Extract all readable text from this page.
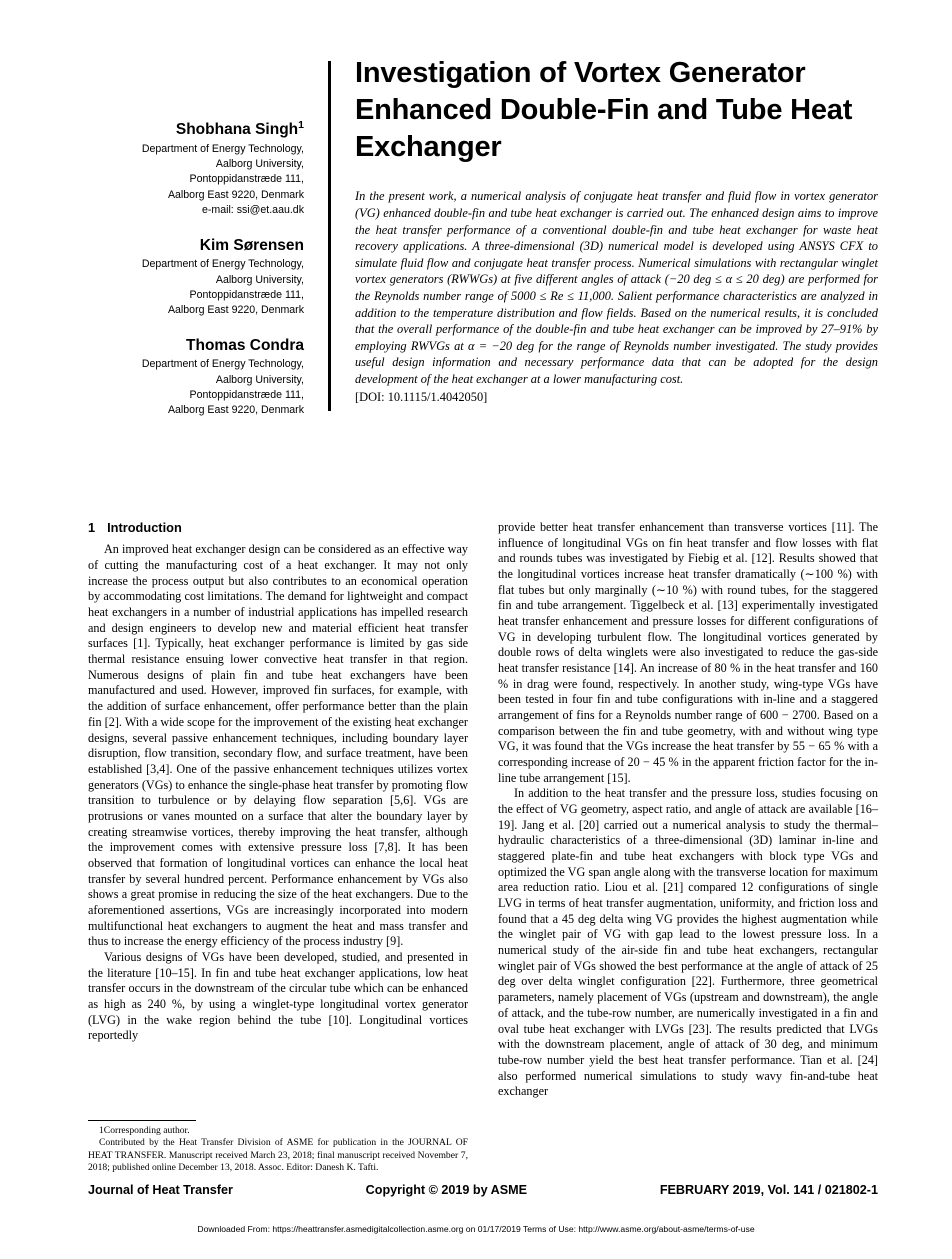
Shobhana Singh$^1$
Department of Energy Technology,
Aalborg University,
Pontoppidanstræde 111,
Aalborg East 9220, Denmark
e-mail: ssi@et.aau.dk
Kim Sørensen
Department of Energy Technology,
Aalborg University,
Pontoppidanstræde 111,
Aalborg East 9220, Denmark
Thomas Condra
Department of Energy Technology,
Aalborg University,
Pontoppidanstræde 111,
Aalborg East 9220, Denmark
Investigation of Vortex Generator Enhanced Double-Fin and Tube Heat Exchanger

In the present work, a numerical analysis of conjugate heat transfer and fluid flow in vortex generator (VG) enhanced double-fin and tube heat exchanger is carried out. The enhanced design aims to improve the heat transfer performance of a conventional double-fin and tube heat exchanger for waste heat recovery applications. A three-dimensional (3D) numerical model is developed using ANSYS CFX to simulate fluid flow and conjugate heat transfer process. Numerical simulations with rectangular winglet vortex generators (RWWGs) at five different angles of attack (−20 deg ≤ α ≤ 20 deg) are performed for the Reynolds number range of 5000 ≤ Re ≤ 11,000. Salient performance characteristics are analyzed in addition to the temperature distribution and flow fields. Based on the numerical results, it is concluded that the overall performance of the double-fin and tube heat exchanger can be improved by 27–91% by employing RWVGs at α = −20 deg for the range of Reynolds number investigated. The study provides useful design information and necessary performance data that can be adopted for the design development of the heat exchanger at a lower manufacturing cost.

[DOI: 10.1115/1.4042050]
1 Introduction

An improved heat exchanger design can be considered as an effective way of cutting the manufacturing cost of a heat exchanger. It may not only increase the process output but also contributes to an economical operation by accommodating cost limitations. The demand for lightweight and compact heat exchangers in a number of industrial applications has impelled research and design engineers to develop new and material efficient heat transfer surfaces [1]. Typically, heat exchanger performance is limited by gas side thermal resistance ensuing lower convective heat transfer in that region. Numerous designs of plain fin and tube heat exchangers have been manufactured and used. However, improved fin surfaces, for example, with the addition of surface enhancement, offer performance better than the plain fin [2]. With a wide scope for the improvement of the existing heat exchanger designs, several passive enhancement techniques, including boundary layer disruption, flow transition, secondary flow, and surface treatment, have been established [3,4]. One of the passive enhancement techniques utilizes vortex generators (VGs) to enhance the single-phase heat transfer by promoting flow transition to turbulence or by delaying flow separation [5,6]. VGs are protrusions or vanes mounted on a surface that alter the boundary layer by creating streamwise vortices, thereby improving the heat transfer, although the improvement comes with extensive pressure loss [7,8]. It has been observed that formation of longitudinal vortices can enhance the local heat transfer by several hundred percent. Performance enhancement by VGs also shows a great promise in reducing the size of the heat exchangers. Due to the aforementioned assertions, VGs are increasingly incorporated into modern multifunctional heat exchangers to augment the heat and mass transfer and thus to increase the energy efficiency of the process industry [9].

Various designs of VGs have been developed, studied, and presented in the literature [10–15]. In fin and tube heat exchanger applications, low heat transfer occurs in the downstream of the circular tube which can be enhanced as high as 240 %, by using a winglet-type longitudinal vortex generator (LVG) in the wake region behind the tube [10]. Longitudinal vortices reportedly

provide better heat transfer enhancement than transverse vortices [11]. The influence of longitudinal VGs on fin heat transfer and flow losses with flat and rounds tubes was investigated by Fiebig et al. [12]. Results showed that the longitudinal vortices increase heat transfer dramatically (∼100 %) with flat tubes but only marginally (∼10 %) with round tubes, for the staggered fin and tube arrangement. Tiggelbeck et al. [13] experimentally investigated heat transfer enhancement and pressure losses for different configurations of VG in developing turbulent flow. The longitudinal vortices generated by double rows of delta winglets were also investigated to reduce the gas-side heat transfer resistance [14]. An increase of 80 % in the heat transfer and 160 % in drag were found, respectively. In another study, wing-type VGs have been tested in four fin and tube configurations with in-line and a staggered arrangement of fins for a Reynolds number range of 600 − 2700. Based on a comparison between the fin and tube geometry, with and without wing type VG, it was found that the VGs increase the heat transfer by 55 − 65 % with a corresponding increase of 20 − 45 % in the apparent friction factor for the in-line tube arrangement [15].

In addition to the heat transfer and the pressure loss, studies focusing on the effect of VG geometry, aspect ratio, and angle of attack are available [16–19]. Jang et al. [20] carried out a numerical analysis to study the thermal–hydraulic characteristics of a three-dimensional (3D) laminar in-line and staggered plate-fin and tube heat exchangers with block type VGs and optimized the VG span angle along with the transverse location for maximum area reduction ratio. Liou et al. [21] compared 12 configurations of single LVG in terms of heat transfer augmentation, uniformity, and friction loss and found that a 45 deg delta wing VG provides the highest augmentation while the winglet pair of VG with gap lead to the lowest pressure loss. In a numerical study of the air-side fin and tube heat exchangers, rectangular winglet pair of VGs showed the best performance at the angle of attack of 25 deg over delta winglet configuration [22]. Furthermore, three geometrical parameters, namely placement of VGs (upstream and downstream), the angle of attack, and the tube-row number, are numerically investigated in a fin and oval tube heat exchanger with LVGs [23]. The results predicted that LVGs with the downstream placement, angle of attack of 30 deg, and minimum tube-row number yield the best heat transfer performance. Tian et al. [24] also performed numerical simulations to study wavy fin-and-tube heat exchanger

1Corresponding author.

Contributed by the Heat Transfer Division of ASME for publication in the JOURNAL OF HEAT TRANSFER. Manuscript received March 23, 2018; final manuscript received November 7, 2018; published online December 13, 2018. Assoc. Editor: Danesh K. Tafti.

Journal of Heat Transfer	Copyright © 2019 by ASME	FEBRUARY 2019, Vol. 141 / 021802-1
Downloaded From: https://heattransfer.asmedigitalcollection.asme.org on 01/17/2019 Terms of Use: http://www.asme.org/about-asme/terms-of-use
